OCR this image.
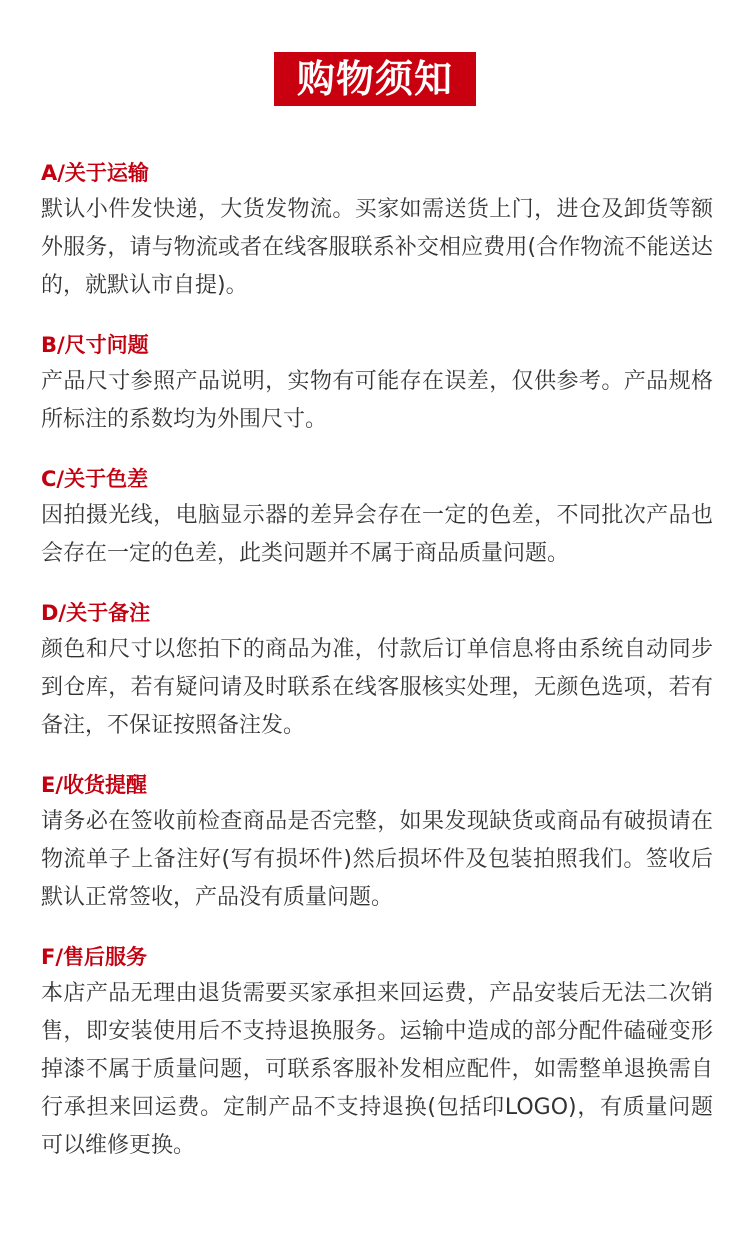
购物须知
A/关于运输
默认小件发快递，大货发物流。买家如需送货上门，进仓及卸货等额外服务，请与物流或者在线客服联系补交相应费用(合作物流不能送达的，就默认市自提)。
B/尺寸问题
产品尺寸参照产品说明，实物有可能存在误差，仅供参考。产品规格所标注的系数均为外围尺寸。
C/关于色差
因拍摄光线，电脑显示器的差异会存在一定的色差，不同批次产品也会存在一定的色差，此类问题并不属于商品质量问题。
D/关于备注
颜色和尺寸以您拍下的商品为准，付款后订单信息将由系统自动同步到仓库，若有疑问请及时联系在线客服核实处理，无颜色选项，若有备注，不保证按照备注发。
E/收货提醒
请务必在签收前检查商品是否完整，如果发现缺货或商品有破损请在物流单子上备注好(写有损坏件)然后损坏件及包装拍照我们。签收后默认正常签收，产品没有质量问题。
F/售后服务
本店产品无理由退货需要买家承担来回运费，产品安装后无法二次销售，即安装使用后不支持退换服务。运输中造成的部分配件磕碰变形掉漆不属于质量问题，可联系客服补发相应配件，如需整单退换需自行承担来回运费。定制产品不支持退换(包括印LOGO)，有质量问题可以维修更换。
